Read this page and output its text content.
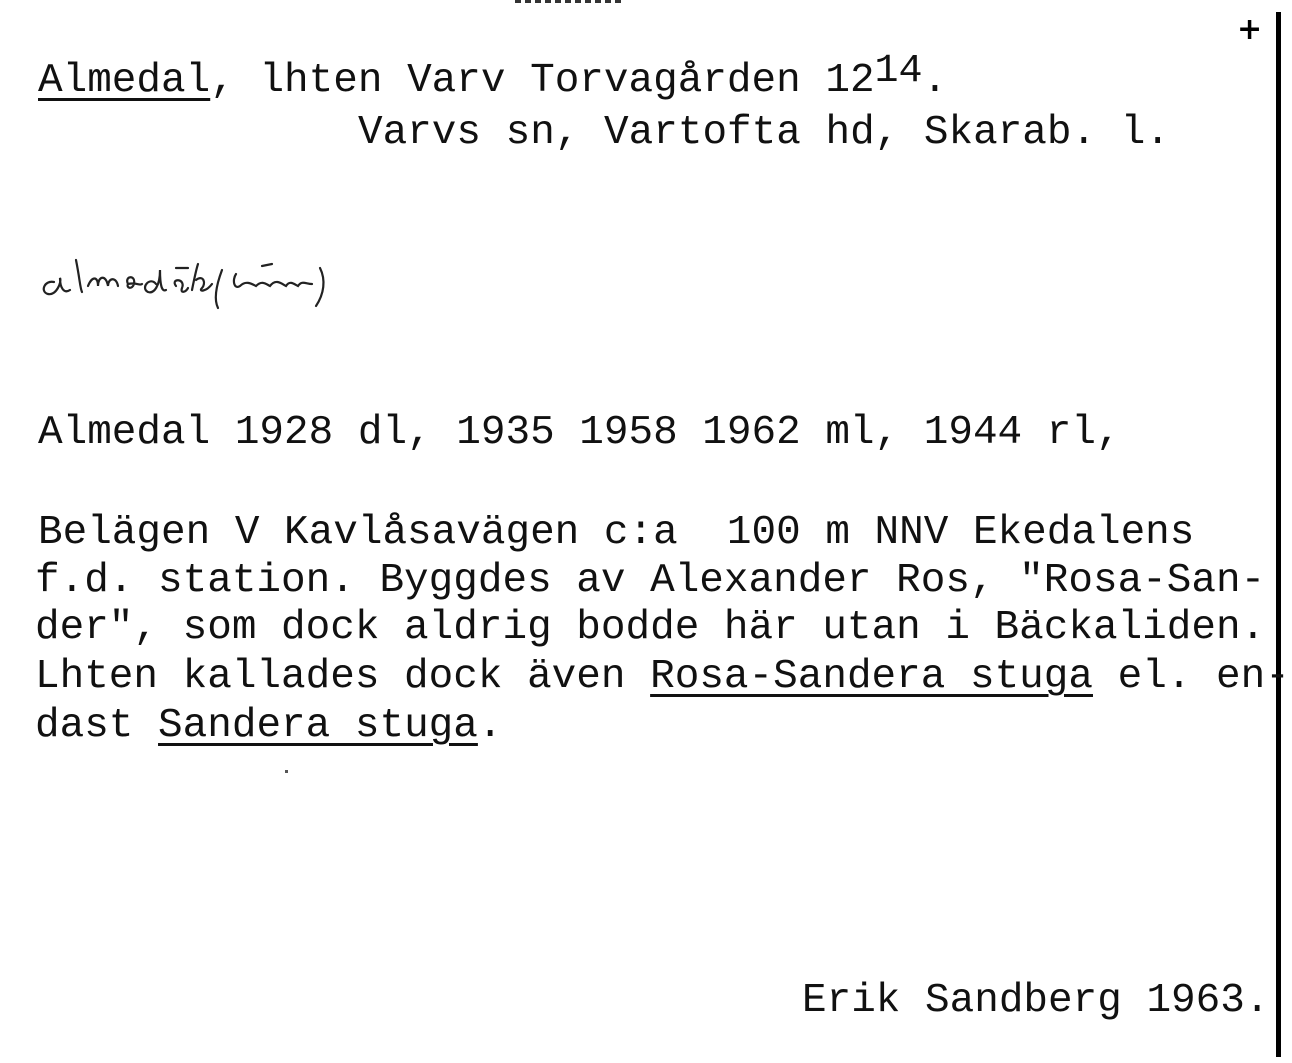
+
Almedal, lhten Varv Torvagården $12^{14}$.
Varvs sn, Vartofta hd, Skarab. l.
Almedal 1928 dl, 1935 1958 1962 ml, 1944 rl,
Belägen V Kavlåsavägen c:a  100 m NNV Ekedalens
f.d. station. Byggdes av Alexander Ros, "Rosa-San-
der", som dock aldrig bodde här utan i Bäckaliden.
Lhten kallades dock även Rosa-Sandera stuga el. en-
dast Sandera stuga.
Erik Sandberg 1963.
